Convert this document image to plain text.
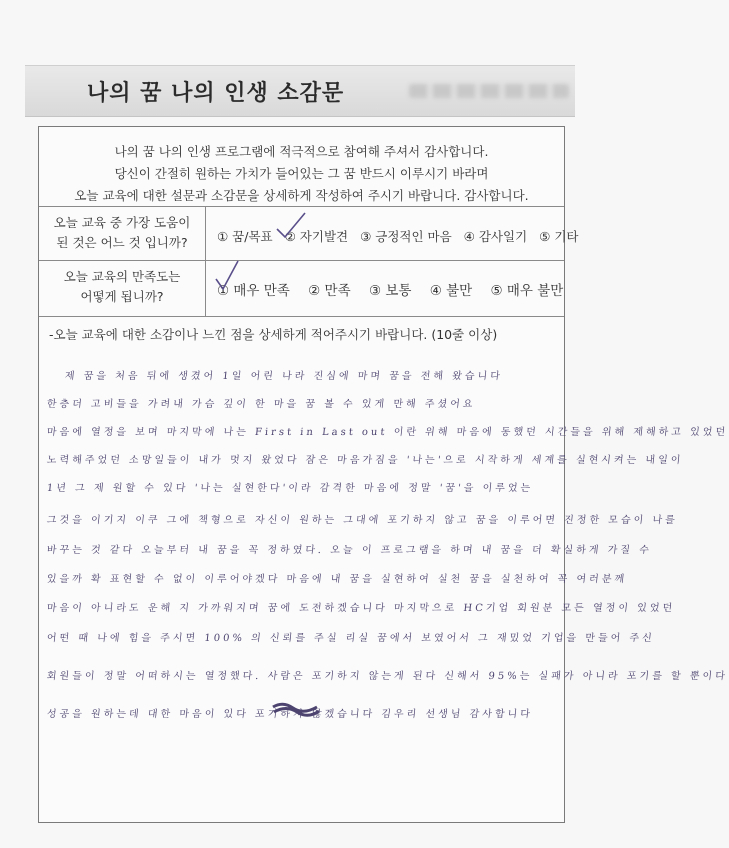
나의 꿈 나의 인생 소감문
나의 꿈 나의 인생 프로그램에 적극적으로 참여해 주셔서 감사합니다.
당신이 간절히 원하는 가치가 들어있는 그 꿈 반드시 이루시기 바라며
오늘 교육에 대한 설문과 소감문을 상세하게 작성하여 주시기 바랍니다. 감사합니다.
오늘 교육 중 가장 도움이
된 것은 어느 것 입니까?	① 꿈/목표 ② 자기발견 ③ 긍정적인 마음 ④ 감사일기 ⑤ 기타
오늘 교육의 만족도는
어떻게 됩니까?	① 매우 만족 ② 만족 ③ 보통 ④ 불만 ⑤ 매우 불만
-오늘 교육에 대한 소감이나 느낀 점을 상세하게 적어주시기 바랍니다. (10줄 이상)
제 꿈을 처음 뒤에 생겼어 1일 어린 나라 진심에 마며 꿈을 전해 왔습니다
한층더 고비들을 가려내 가슴 깊이 한 마을 꿈 볼 수 있게 만해 주셨어요
마음에 열정을 보며 마지막에 나는 First in Last out 이란 위해 마음에 동했던 시간들을 위해 제해하고 있었던
노력해주었던 소망일들이 내가 멋지 왔었다 잠은 마음가짐을 '나는'으로 시작하게 세계를 실현시켜는 내일이
1년 그 제 원할 수 있다 '나는 실현한다'이라 감격한 마음에 정말 '꿈'을 이루었는
그것을 이기지 이쿠 그에 책형으로 자신이 원하는 그대에 포기하지 않고 꿈을 이루어면 진정한 모습이 나를
바꾸는 것 같다 오늘부터 내 꿈을 꼭 정하였다. 오늘 이 프로그램을 하며 내 꿈을 더 확실하게 가질 수
있을까 확 표현할 수 없이 이루어야겠다 마음에 내 꿈을 실현하여 실천 꿈을 실천하여 꼭 여러분께
마음이 아니라도 운해 지 가까워지며 꿈에 도전하겠습니다 마지막으로 HC기업 회원분 모든 열정이 있었던
어떤 때 나에 힘을 주시면 100% 의 신뢰를 주실 리실 꿈에서 보였어서 그 재밌었 기업을 만들어 주신
회원들이 정말 어떠하시는 열정했다. 사람은 포기하지 않는게 된다 신해서 95%는 실패가 아니라 포기를 할 뿐이다
성공을 원하는데 대한 마음이 있다 포기하지 않겠습니다 김우리 선생님 감사합니다
